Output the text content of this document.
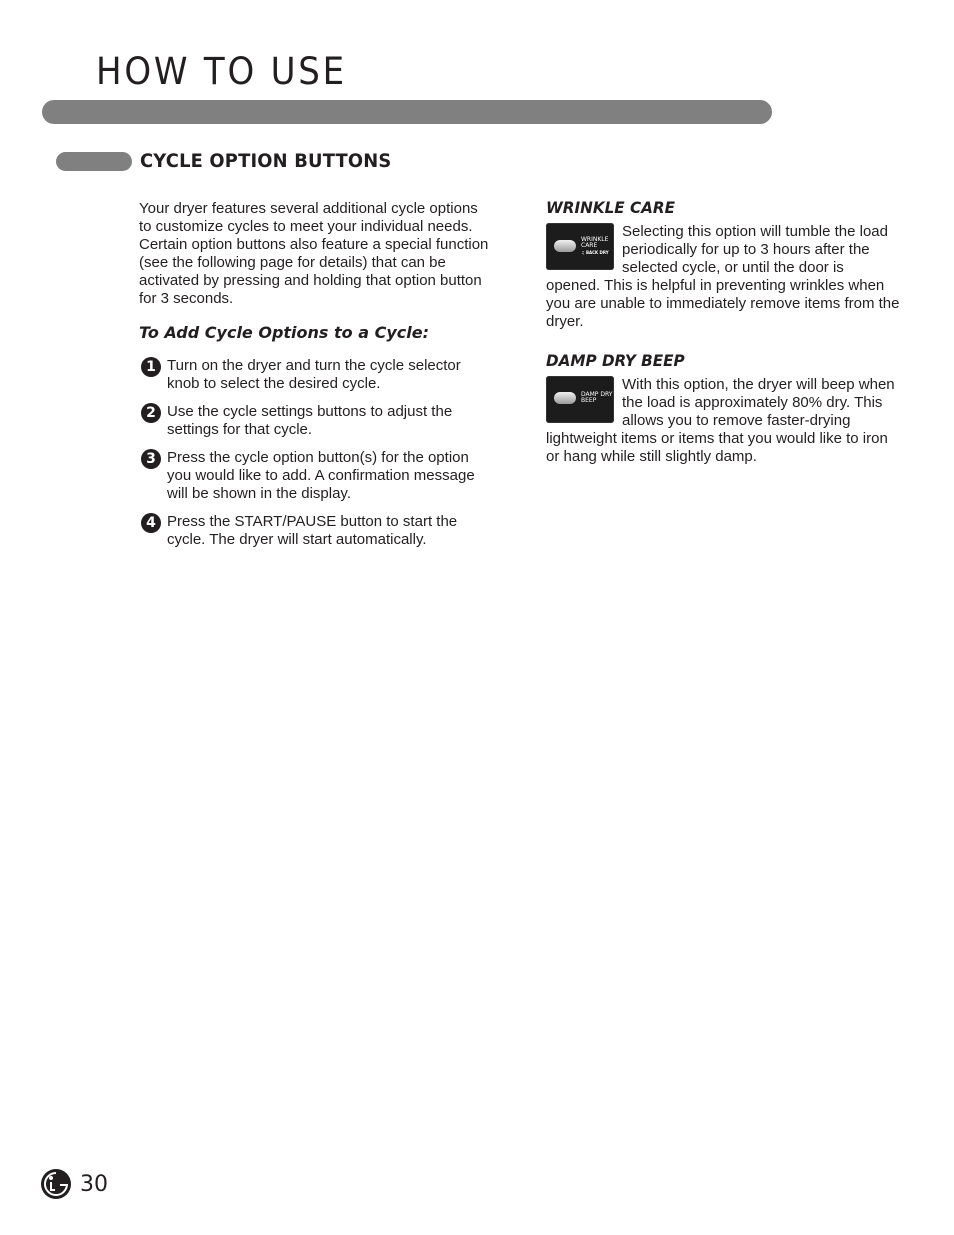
HOW TO USE
CYCLE OPTION BUTTONS
Your dryer features several additional cycle options to customize cycles to meet your individual needs. Certain option buttons also feature a special function (see the following page for details) that can be activated by pressing and holding that option button for 3 seconds.
To Add Cycle Options to a Cycle:
1 Turn on the dryer and turn the cycle selector knob to select the desired cycle.
2 Use the cycle settings buttons to adjust the settings for that cycle.
3 Press the cycle option button(s) for the option you would like to add. A confirmation message will be shown in the display.
4 Press the START/PAUSE button to start the cycle. The dryer will start automatically.
WRINKLE CARE
WRINKLE
CARE
♫ BACK DRY
Selecting this option will tumble the load periodically for up to 3 hours after the selected cycle, or until the door is opened. This is helpful in preventing wrinkles when you are unable to immediately remove items from the dryer.
DAMP DRY BEEP
DAMP DRY
BEEP
With this option, the dryer will beep when the load is approximately 80% dry. This allows you to remove faster-drying lightweight items or items that you would like to iron or hang while still slightly damp.
30
